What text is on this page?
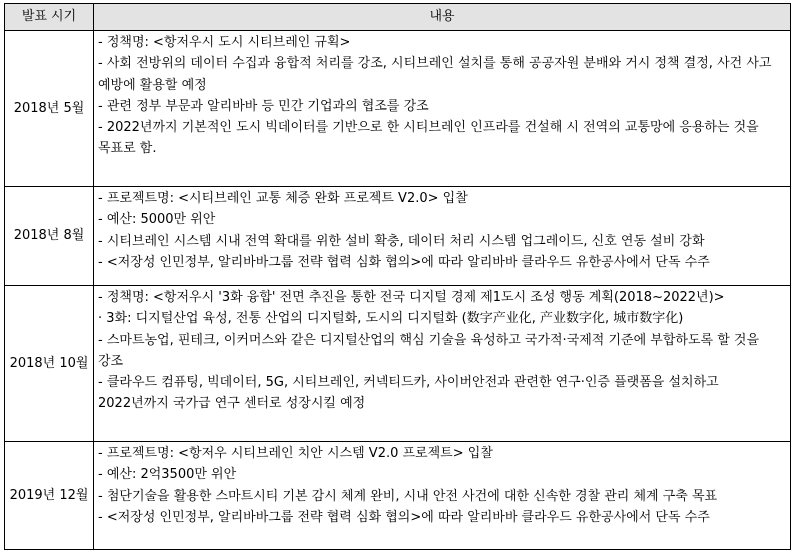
발표 시기	내용
2018년 5월	- 정책명: <항저우시 도시 시티브레인 규획>
- 사회 전방위의 데이터 수집과 융합적 처리를 강조, 시티브레인 설치를 통해 공공자원 분배와 거시 정책 결정, 사건 사고 예방에 활용할 예정
- 관련 정부 부문과 알리바바 등 민간 기업과의 협조를 강조
- 2022년까지 기본적인 도시 빅데이터를 기반으로 한 시티브레인 인프라를 건설해 시 전역의 교통망에 응용하는 것을 목표로 함.

2018년 8월	- 프로젝트명: <시티브레인 교통 체증 완화 프로젝트 V2.0> 입찰
- 예산: 5000만 위안
- 시티브레인 시스템 시내 전역 확대를 위한 설비 확충, 데이터 처리 시스템 업그레이드, 신호 연동 설비 강화
- <저장성 인민정부, 알리바바그룹 전략 협력 심화 협의>에 따라 알리바바 클라우드 유한공사에서 단독 수주

2018년 10월	- 정책명: <항저우시 '3화 융합' 전면 추진을 통한 전국 디지털 경제 제1도시 조성 행동 계획(2018~2022년)>
· 3화: 디지털산업 육성, 전통 산업의 디지털화, 도시의 디지털화 (数字产业化, 产业数字化, 城市数字化)
- 스마트농업, 핀테크, 이커머스와 같은 디지털산업의 핵심 기술을 육성하고 국가적·국제적 기준에 부합하도록 할 것을 강조
- 클라우드 컴퓨팅, 빅데이터, 5G, 시티브레인, 커넥티드카, 사이버안전과 관련한 연구·인증 플랫폼을 설치하고 2022년까지 국가급 연구 센터로 성장시킬 예정

2019년 12월	- 프로젝트명: <항저우 시티브레인 치안 시스템 V2.0 프로젝트> 입찰
- 예산: 2억3500만 위안
- 첨단기술을 활용한 스마트시티 기본 감시 체계 완비, 시내 안전 사건에 대한 신속한 경찰 관리 체계 구축 목표
- <저장성 인민정부, 알리바바그룹 전략 협력 심화 협의>에 따라 알리바바 클라우드 유한공사에서 단독 수주
